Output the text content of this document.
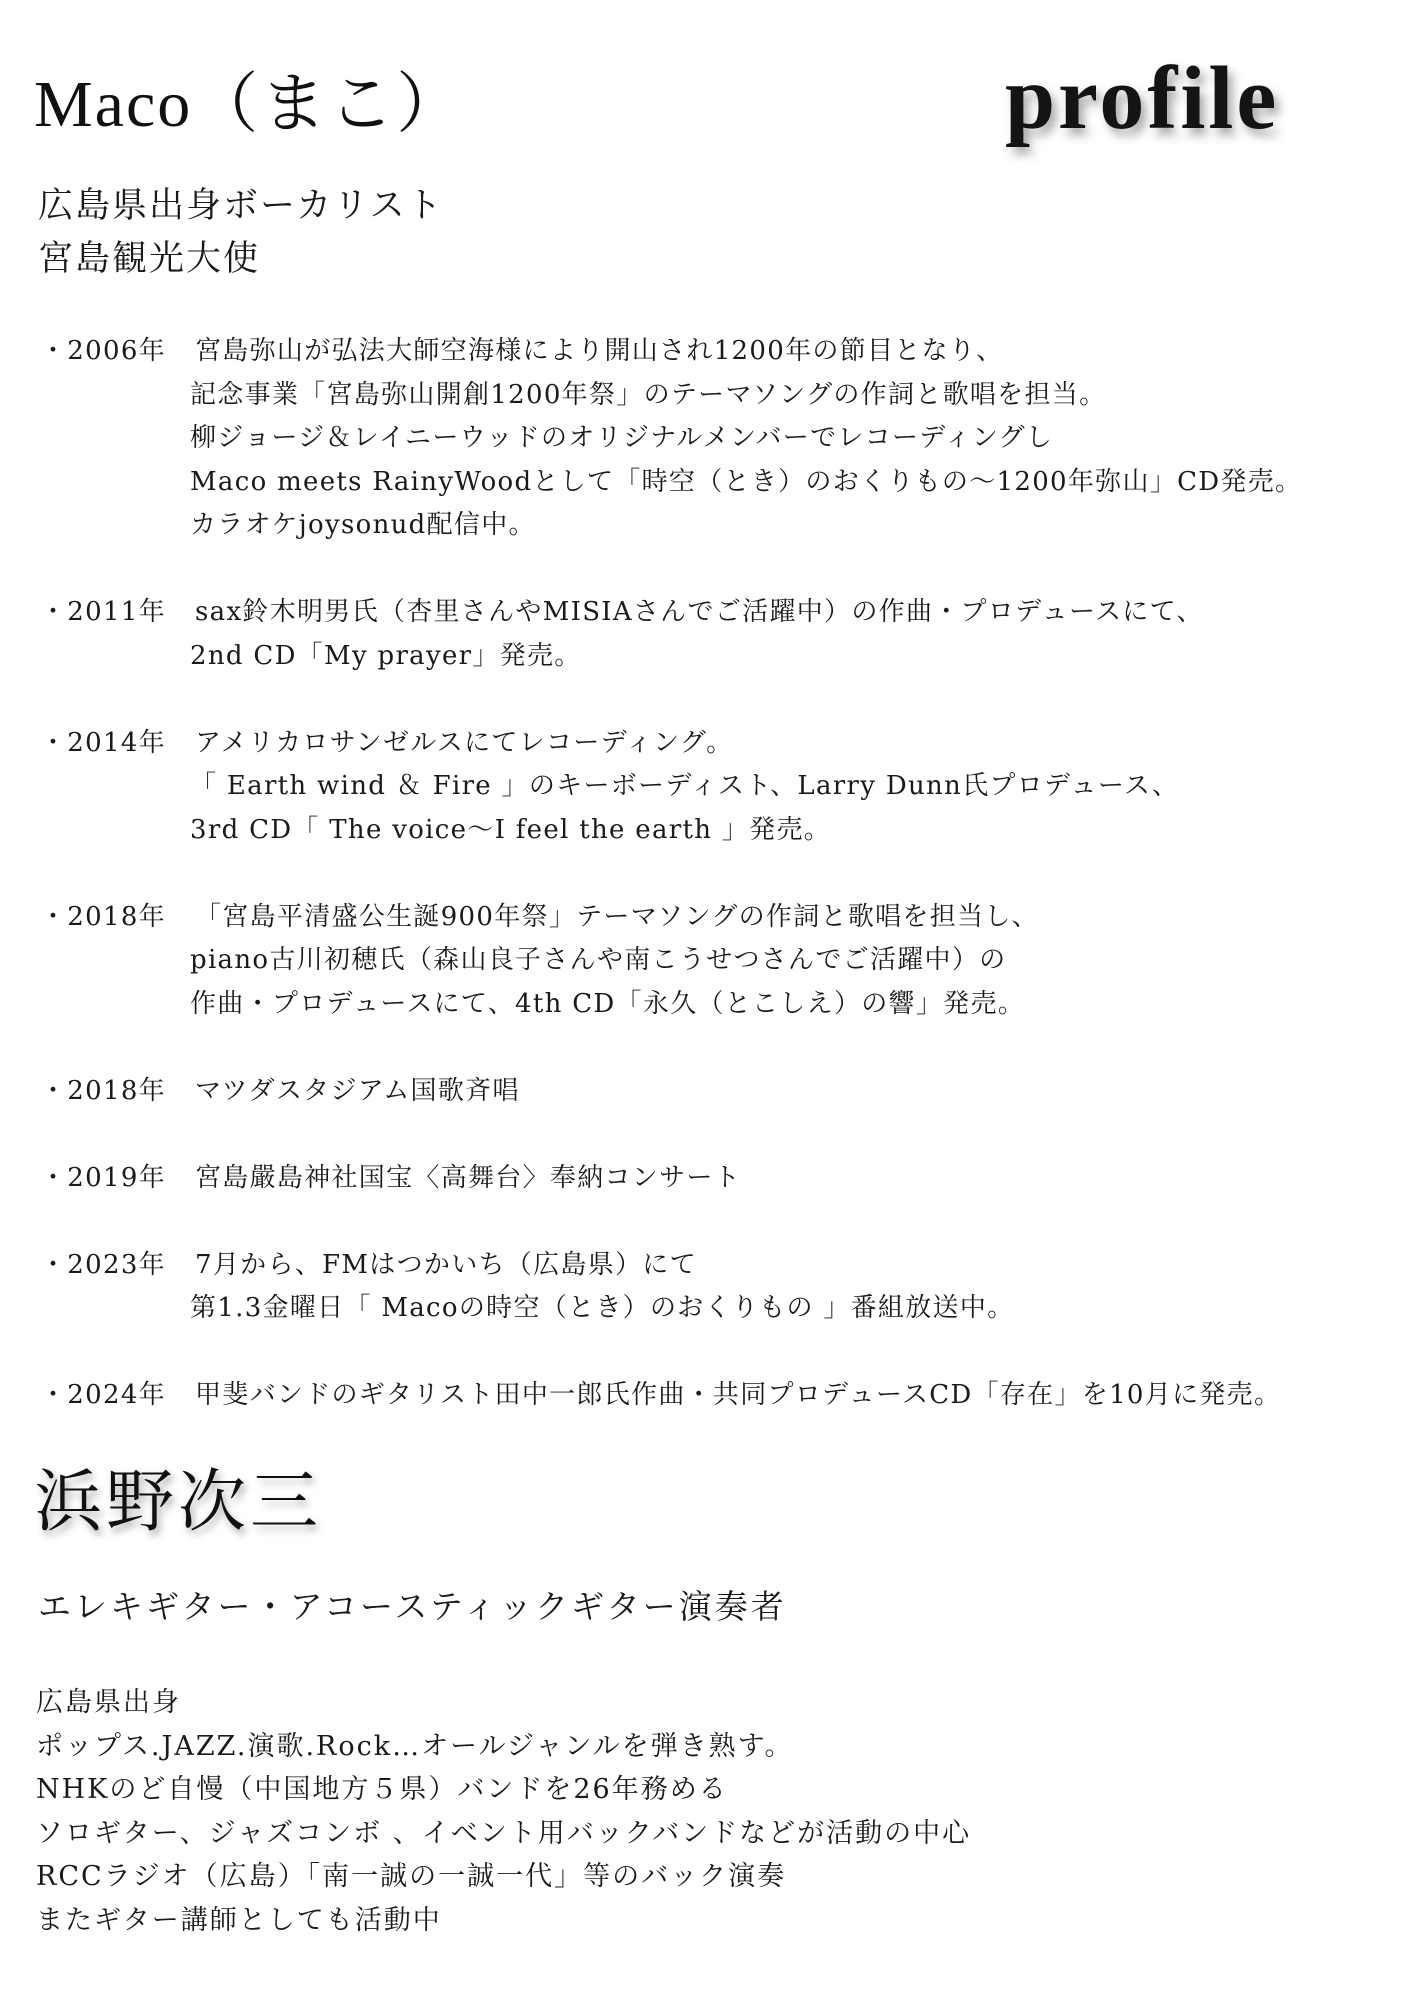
Maco（まこ）	profile
広島県出身ボーカリスト
宮島観光大使
・2006年 宮島弥山が弘法大師空海様により開山され1200年の節目となり、
記念事業「宮島弥山開創1200年祭」のテーマソングの作詞と歌唱を担当。
柳ジョージ＆レイニーウッドのオリジナルメンバーでレコーディングし
Maco meets RainyWoodとして「時空（とき）のおくりもの〜1200年弥山」CD発売。
カラオケjoysonud配信中。
・2011年 sax鈴木明男氏（杏里さんやMISIAさんでご活躍中）の作曲・プロデュースにて、
2nd CD「My prayer」発売。
・2014年 アメリカロサンゼルスにてレコーディング。
「 Earth wind ＆ Fire 」のキーボーディスト、Larry Dunn氏プロデュース、
3rd CD「 The voice〜I feel the earth 」発売。
・2018年 「宮島平清盛公生誕900年祭」テーマソングの作詞と歌唱を担当し、
piano古川初穂氏（森山良子さんや南こうせつさんでご活躍中）の
作曲・プロデュースにて、4th CD「永久（とこしえ）の響」発売。
・2018年 マツダスタジアム国歌斉唱
・2019年 宮島嚴島神社国宝〈高舞台〉奉納コンサート
・2023年 7月から、FMはつかいち（広島県）にて
第1.3金曜日「 Macoの時空（とき）のおくりもの 」番組放送中。
・2024年 甲斐バンドのギタリスト田中一郎氏作曲・共同プロデュースCD「存在」を10月に発売。
浜野次三
エレキギター・アコースティックギター演奏者
広島県出身
ポップス.JAZZ.演歌.Rock…オールジャンルを弾き熟す。
NHKのど自慢（中国地方５県）バンドを26年務める
ソロギター、ジャズコンボ 、イベント用バックバンドなどが活動の中心
RCCラジオ（広島）「南一誠の一誠一代」等のバック演奏
またギター講師としても活動中
